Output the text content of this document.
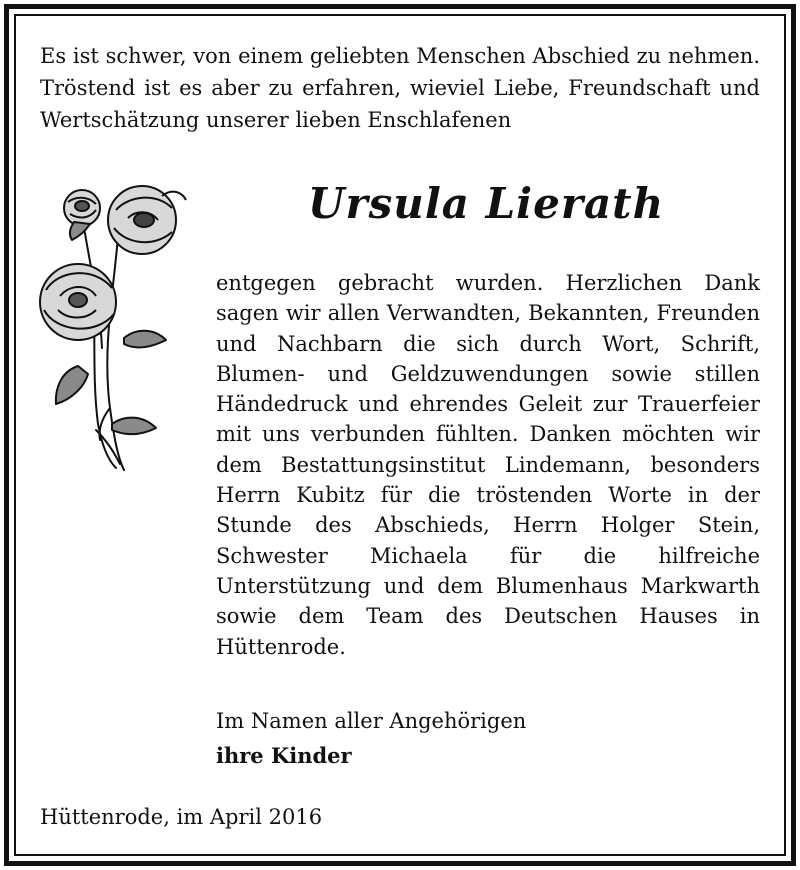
Es ist schwer, von einem geliebten Menschen Abschied zu nehmen. Tröstend ist es aber zu erfahren, wieviel Liebe, Freundschaft und Wertschätzung unserer lieben Enschlafenen

Ursula Lierath

entgegen gebracht wurden. Herzlichen Dank sagen wir allen Verwandten, Bekannten, Freunden und Nachbarn die sich durch Wort, Schrift, Blumen- und Geldzuwendungen sowie stillen Händedruck und ehrendes Geleit zur Trauerfeier mit uns verbunden fühlten. Danken möchten wir dem Bestattungsinstitut Lindemann, besonders Herrn Kubitz für die tröstenden Worte in der Stunde des Abschieds, Herrn Holger Stein, Schwester Michaela für die hilfreiche Unterstützung und dem Blumenhaus Markwarth sowie dem Team des Deutschen Hauses in Hüttenrode.

Im Namen aller Angehörigen

ihre Kinder

Hüttenrode, im April 2016
